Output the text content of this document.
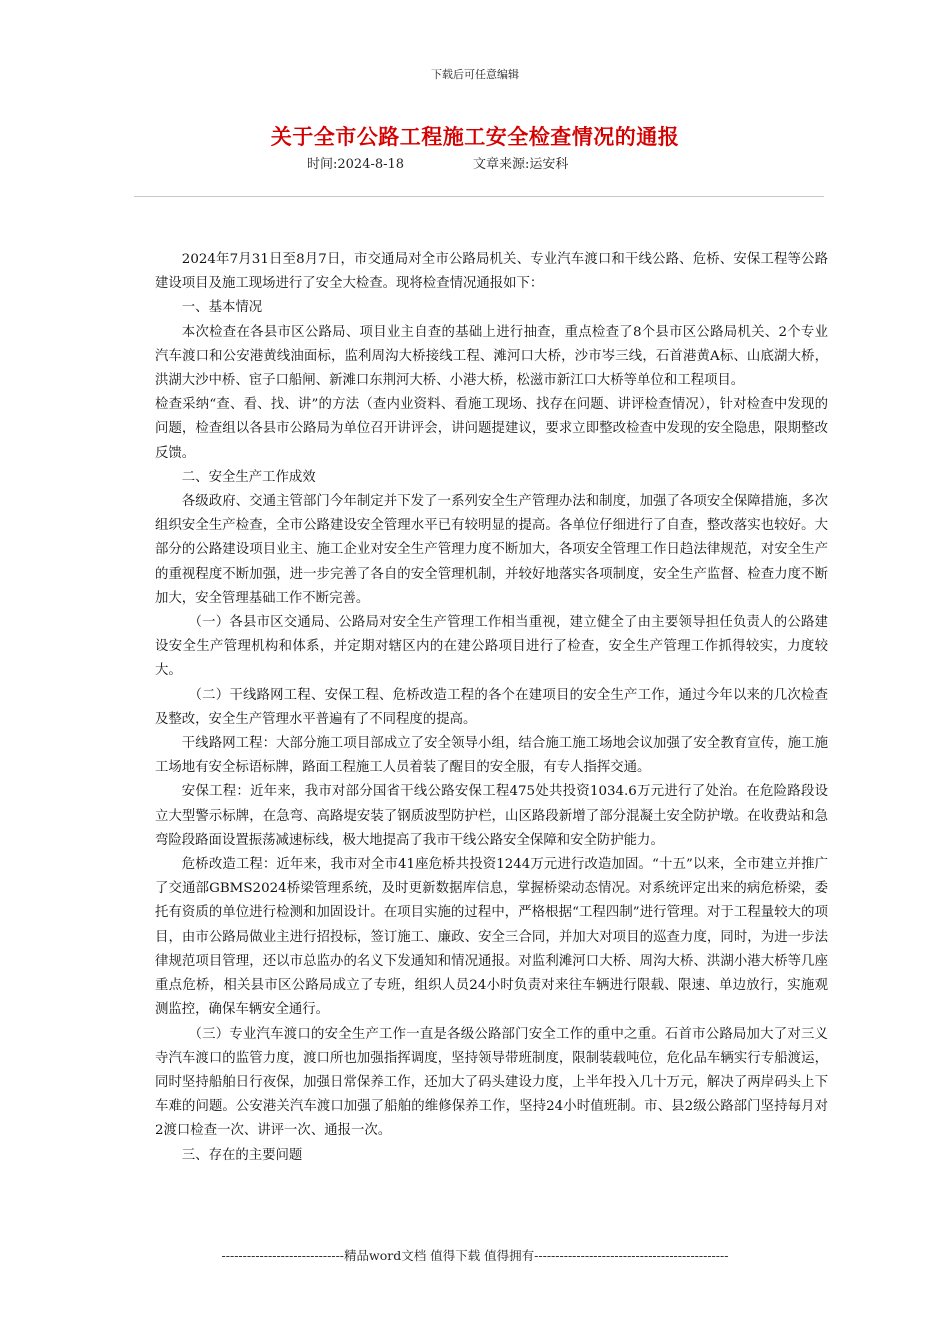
下载后可任意编辑
关于全市公路工程施工安全检查情况的通报
时间:2024-8-18	文章来源:运安科

2024年7月31日至8月7日，市交通局对全市公路局机关、专业汽车渡口和干线公路、危桥、安保工程等公路建设项目及施工现场进行了安全大检查。现将检查情况通报如下：

一、基本情况

本次检查在各县市区公路局、项目业主自查的基础上进行抽查，重点检查了8个县市区公路局机关、2个专业汽车渡口和公安港黄线油面标，监利周沟大桥接线工程、滩河口大桥，沙市岑三线，石首港黄A标、山底湖大桥，洪湖大沙中桥、宦子口船闸、新滩口东荆河大桥、小港大桥，松滋市新江口大桥等单位和工程项目。

检查采纳“查、看、找、讲”的方法（查内业资料、看施工现场、找存在问题、讲评检查情况），针对检查中发现的问题，检查组以各县市公路局为单位召开讲评会，讲问题提建议，要求立即整改检查中发现的安全隐患，限期整改反馈。

二、安全生产工作成效

各级政府、交通主管部门今年制定并下发了一系列安全生产管理办法和制度，加强了各项安全保障措施，多次组织安全生产检查，全市公路建设安全管理水平已有较明显的提高。各单位仔细进行了自查，整改落实也较好。大部分的公路建设项目业主、施工企业对安全生产管理力度不断加大，各项安全管理工作日趋法律规范，对安全生产的重视程度不断加强，进一步完善了各自的安全管理机制，并较好地落实各项制度，安全生产监督、检查力度不断加大，安全管理基础工作不断完善。

（一）各县市区交通局、公路局对安全生产管理工作相当重视，建立健全了由主要领导担任负责人的公路建设安全生产管理机构和体系，并定期对辖区内的在建公路项目进行了检查，安全生产管理工作抓得较实，力度较大。

（二）干线路网工程、安保工程、危桥改造工程的各个在建项目的安全生产工作，通过今年以来的几次检查及整改，安全生产管理水平普遍有了不同程度的提高。

干线路网工程：大部分施工项目部成立了安全领导小组，结合施工施工场地会议加强了安全教育宣传，施工施工场地有安全标语标牌，路面工程施工人员着装了醒目的安全服，有专人指挥交通。

安保工程：近年来，我市对部分国省干线公路安保工程475处共投资1034.6万元进行了处治。在危险路段设立大型警示标牌，在急弯、高路堤安装了钢质波型防护栏，山区路段新增了部分混凝土安全防护墩。在收费站和急弯险段路面设置振荡减速标线，极大地提高了我市干线公路安全保障和安全防护能力。

危桥改造工程：近年来，我市对全市41座危桥共投资1244万元进行改造加固。“十五”以来，全市建立并推广了交通部GBMS2024桥梁管理系统，及时更新数据库信息，掌握桥梁动态情况。对系统评定出来的病危桥梁，委托有资质的单位进行检测和加固设计。在项目实施的过程中，严格根据“工程四制”进行管理。对于工程量较大的项目，由市公路局做业主进行招投标，签订施工、廉政、安全三合同，并加大对项目的巡查力度，同时，为进一步法律规范项目管理，还以市总监办的名义下发通知和情况通报。对监利滩河口大桥、周沟大桥、洪湖小港大桥等几座重点危桥，相关县市区公路局成立了专班，组织人员24小时负责对来往车辆进行限载、限速、单边放行，实施观测监控，确保车辆安全通行。

（三）专业汽车渡口的安全生产工作一直是各级公路部门安全工作的重中之重。石首市公路局加大了对三义寺汽车渡口的监管力度，渡口所也加强指挥调度，坚持领导带班制度，限制装载吨位，危化品车辆实行专船渡运，同时坚持船舶日行夜保，加强日常保养工作，还加大了码头建设力度，上半年投入几十万元，解决了两岸码头上下车难的问题。公安港关汽车渡口加强了船舶的维修保养工作，坚持24小时值班制。市、县2级公路部门坚持每月对2渡口检查一次、讲评一次、通报一次。

三、存在的主要问题

-----------------------------精品word文档 值得下载 值得拥有----------------------------------------------
